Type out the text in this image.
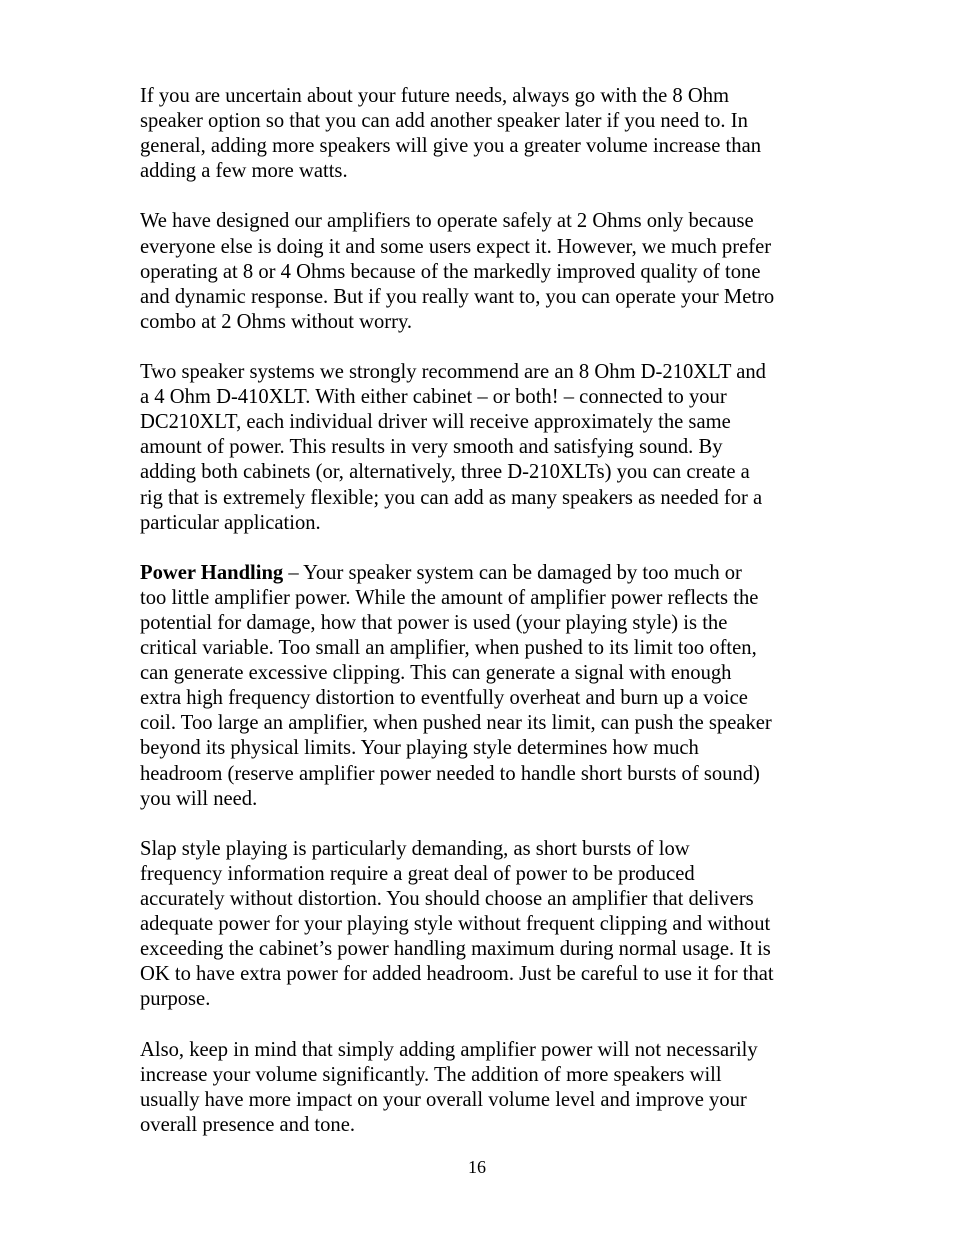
If you are uncertain about your future needs, always go with the 8 Ohm
speaker option so that you can add another speaker later if you need to. In
general, adding more speakers will give you a greater volume increase than
adding a few more watts.

We have designed our amplifiers to operate safely at 2 Ohms only because
everyone else is doing it and some users expect it. However, we much prefer
operating at 8 or 4 Ohms because of the markedly improved quality of tone
and dynamic response. But if you really want to, you can operate your Metro
combo at 2 Ohms without worry.

Two speaker systems we strongly recommend are an 8 Ohm D-210XLT and
a 4 Ohm D-410XLT. With either cabinet – or both! – connected to your
DC210XLT, each individual driver will receive approximately the same
amount of power. This results in very smooth and satisfying sound. By
adding both cabinets (or, alternatively, three D-210XLTs) you can create a
rig that is extremely flexible; you can add as many speakers as needed for a
particular application.

Power Handling – Your speaker system can be damaged by too much or
too little amplifier power. While the amount of amplifier power reflects the
potential for damage, how that power is used (your playing style) is the
critical variable. Too small an amplifier, when pushed to its limit too often,
can generate excessive clipping. This can generate a signal with enough
extra high frequency distortion to eventfully overheat and burn up a voice
coil. Too large an amplifier, when pushed near its limit, can push the speaker
beyond its physical limits. Your playing style determines how much
headroom (reserve amplifier power needed to handle short bursts of sound)
you will need.

Slap style playing is particularly demanding, as short bursts of low
frequency information require a great deal of power to be produced
accurately without distortion. You should choose an amplifier that delivers
adequate power for your playing style without frequent clipping and without
exceeding the cabinet’s power handling maximum during normal usage. It is
OK to have extra power for added headroom. Just be careful to use it for that
purpose.

Also, keep in mind that simply adding amplifier power will not necessarily
increase your volume significantly. The addition of more speakers will
usually have more impact on your overall volume level and improve your
overall presence and tone.

16
